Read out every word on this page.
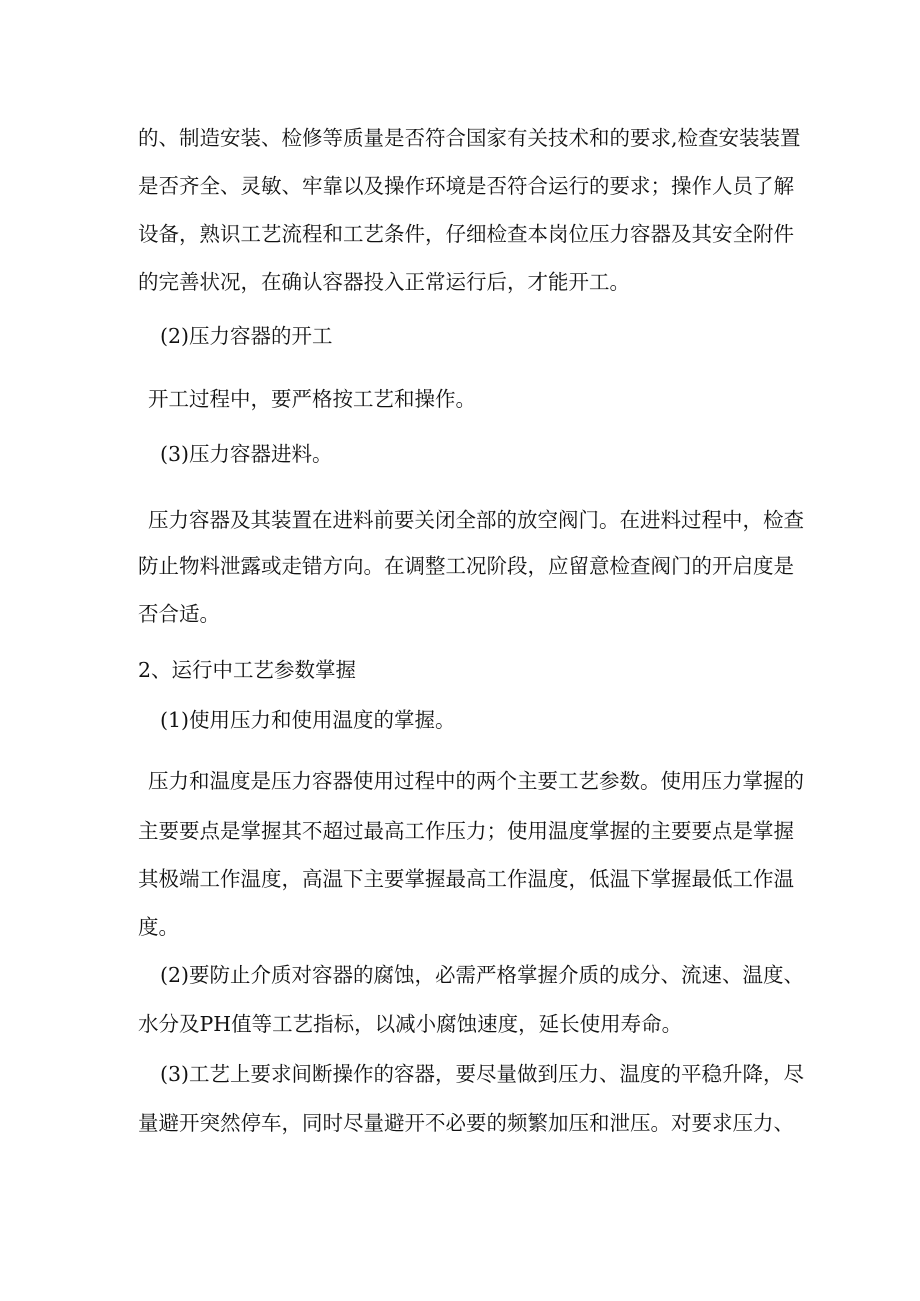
的、制造安装、检修等质量是否符合国家有关技术和的要求,检查安装装置
是否齐全、灵敏、牢靠以及操作环境是否符合运行的要求；操作人员了解
设备，熟识工艺流程和工艺条件，仔细检查本岗位压力容器及其安全附件
的完善状况，在确认容器投入正常运行后，才能开工。
(2)压力容器的开工
开工过程中，要严格按工艺和操作。
(3)压力容器进料。
压力容器及其装置在进料前要关闭全部的放空阀门。在进料过程中，检查
防止物料泄露或走错方向。在调整工况阶段，应留意检查阀门的开启度是
否合适。
2、运行中工艺参数掌握
(1)使用压力和使用温度的掌握。
压力和温度是压力容器使用过程中的两个主要工艺参数。使用压力掌握的
主要要点是掌握其不超过最高工作压力；使用温度掌握的主要要点是掌握
其极端工作温度，高温下主要掌握最高工作温度，低温下掌握最低工作温
度。
(2)要防止介质对容器的腐蚀，必需严格掌握介质的成分、流速、温度、
水分及PH值等工艺指标，以减小腐蚀速度，延长使用寿命。
(3)工艺上要求间断操作的容器，要尽量做到压力、温度的平稳升降，尽
量避开突然停车，同时尽量避开不必要的频繁加压和泄压。对要求压力、
